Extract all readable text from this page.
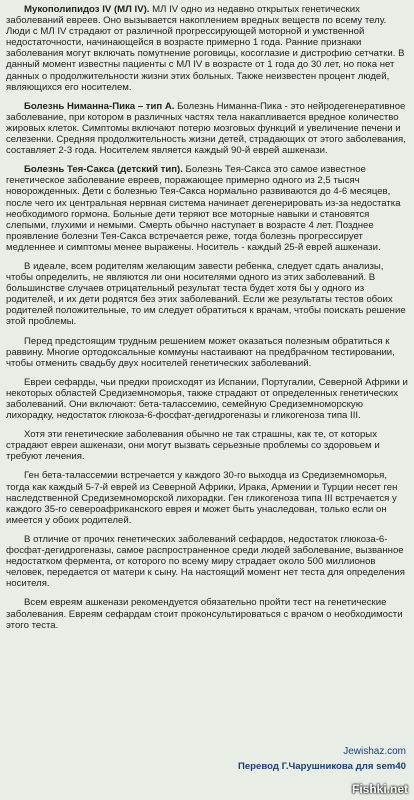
Мукополипидоз IV (МЛ IV). МЛ IV одно из недавно открытых генетических заболеваний евреев. Оно вызывается накоплением вредных веществ по всему телу. Люди с МЛ IV страдают от различной прогрессирующей моторной и умственной недостаточности, начинающейся в возрасте примерно 1 года. Ранние признаки заболевания могут включать помутнение роговицы, косоглазие и дистрофию сетчатки. В данный момент известны пациенты с МЛ IV в возрасте от 1 года до 30 лет, но пока нет данных о продолжительности жизни этих больных. Также неизвестен процент людей, являющихся его носителем.

Болезнь Ниманна-Пика – тип А. Болезнь Ниманна-Пика - это нейродегенеративное заболевание, при котором в различных частях тела накапливается вредное количество жировых клеток. Симптомы включают потерю мозговых функций и увеличение печени и селезенки. Средняя продолжительность жизни детей, страдающих от этого заболевания, составляет 2-3 года. Носителем является каждый 90-й еврей ашкенази.

Болезнь Тея-Сакса (детский тип). Болезнь Тея-Сакса это самое известное генетическое заболевание евреев, поражающее примерно одного из 2,5 тысяч новорожденных. Дети с болезнью Тея-Сакса нормально развиваются до 4-6 месяцев, после чего их центральная нервная система начинает дегенерировать из-за недостатка необходимого гормона. Больные дети теряют все моторные навыки и становятся слепыми, глухими и немыми. Смерть обычно наступает в возрасте 4 лет. Позднее проявление болезни Тея-Сакса встречается реже, тогда болезнь прогрессирует медленнее и симптомы менее выражены. Носитель - каждый 25-й еврей ашкенази.

В идеале, всем родителям желающим завести ребенка, следует сдать анализы, чтобы определить, не являются ли они носителями одного из этих заболеваний. В большинстве случаев отрицательный результат теста будет хотя бы у одного из родителей, и их дети родятся без этих заболеваний. Если же результаты тестов обоих родителей положительные, то им следует обратиться к врачам, чтобы поискать решение этой проблемы.

Перед предстоящим трудным решением может оказаться полезным обратиться к раввину. Многие ортодоксальные коммуны настаивают на предбрачном тестировании, чтобы отменить свадьбу двух носителей генетических заболеваний.

Евреи сефарды, чьи предки происходят из Испании, Португалии, Северной Африки и некоторых областей Средиземноморья, также страдают от определенных генетических заболеваний. Они включают: бета-талассемию, семейную Средиземноморскую лихорадку, недостаток глюкоза-6-фосфат-дегидрогеназы и гликогеноза типа III.

Хотя эти генетические заболевания обычно не так страшны, как те, от которых страдают евреи ашкенази, они могут вызвать серьезные проблемы со здоровьем и требуют лечения.

Ген бета-талассемии встречается у каждого 30-го выходца из Средиземноморья, тогда как каждый 5-7-й еврей из Северной Африки, Ирака, Армении и Турции несет ген наследственной Средиземноморской лихорадки. Ген гликогеноза типа III встречается у каждого 35-го североафриканского еврея и может быть унаследован, только если он имеется у обоих родителей.

В отличие от прочих генетических заболеваний сефардов, недостаток глюкоза-6-фосфат-дегидрогеназы, самое распространенное среди людей заболевание, вызванное недостатком фермента, от которого по всему миру страдает около 500 миллионов человек, передается от матери к сыну. На настоящий момент нет теста для определения носителя.

Всем евреям ашкенази рекомендуется обязательно пройти тест на генетические заболевания. Евреям сефардам стоит проконсультироваться с врачом о необходимости этого теста.

Jewishaz.com
Перевод Г.Чарушникова для sem40
Fishki.net
